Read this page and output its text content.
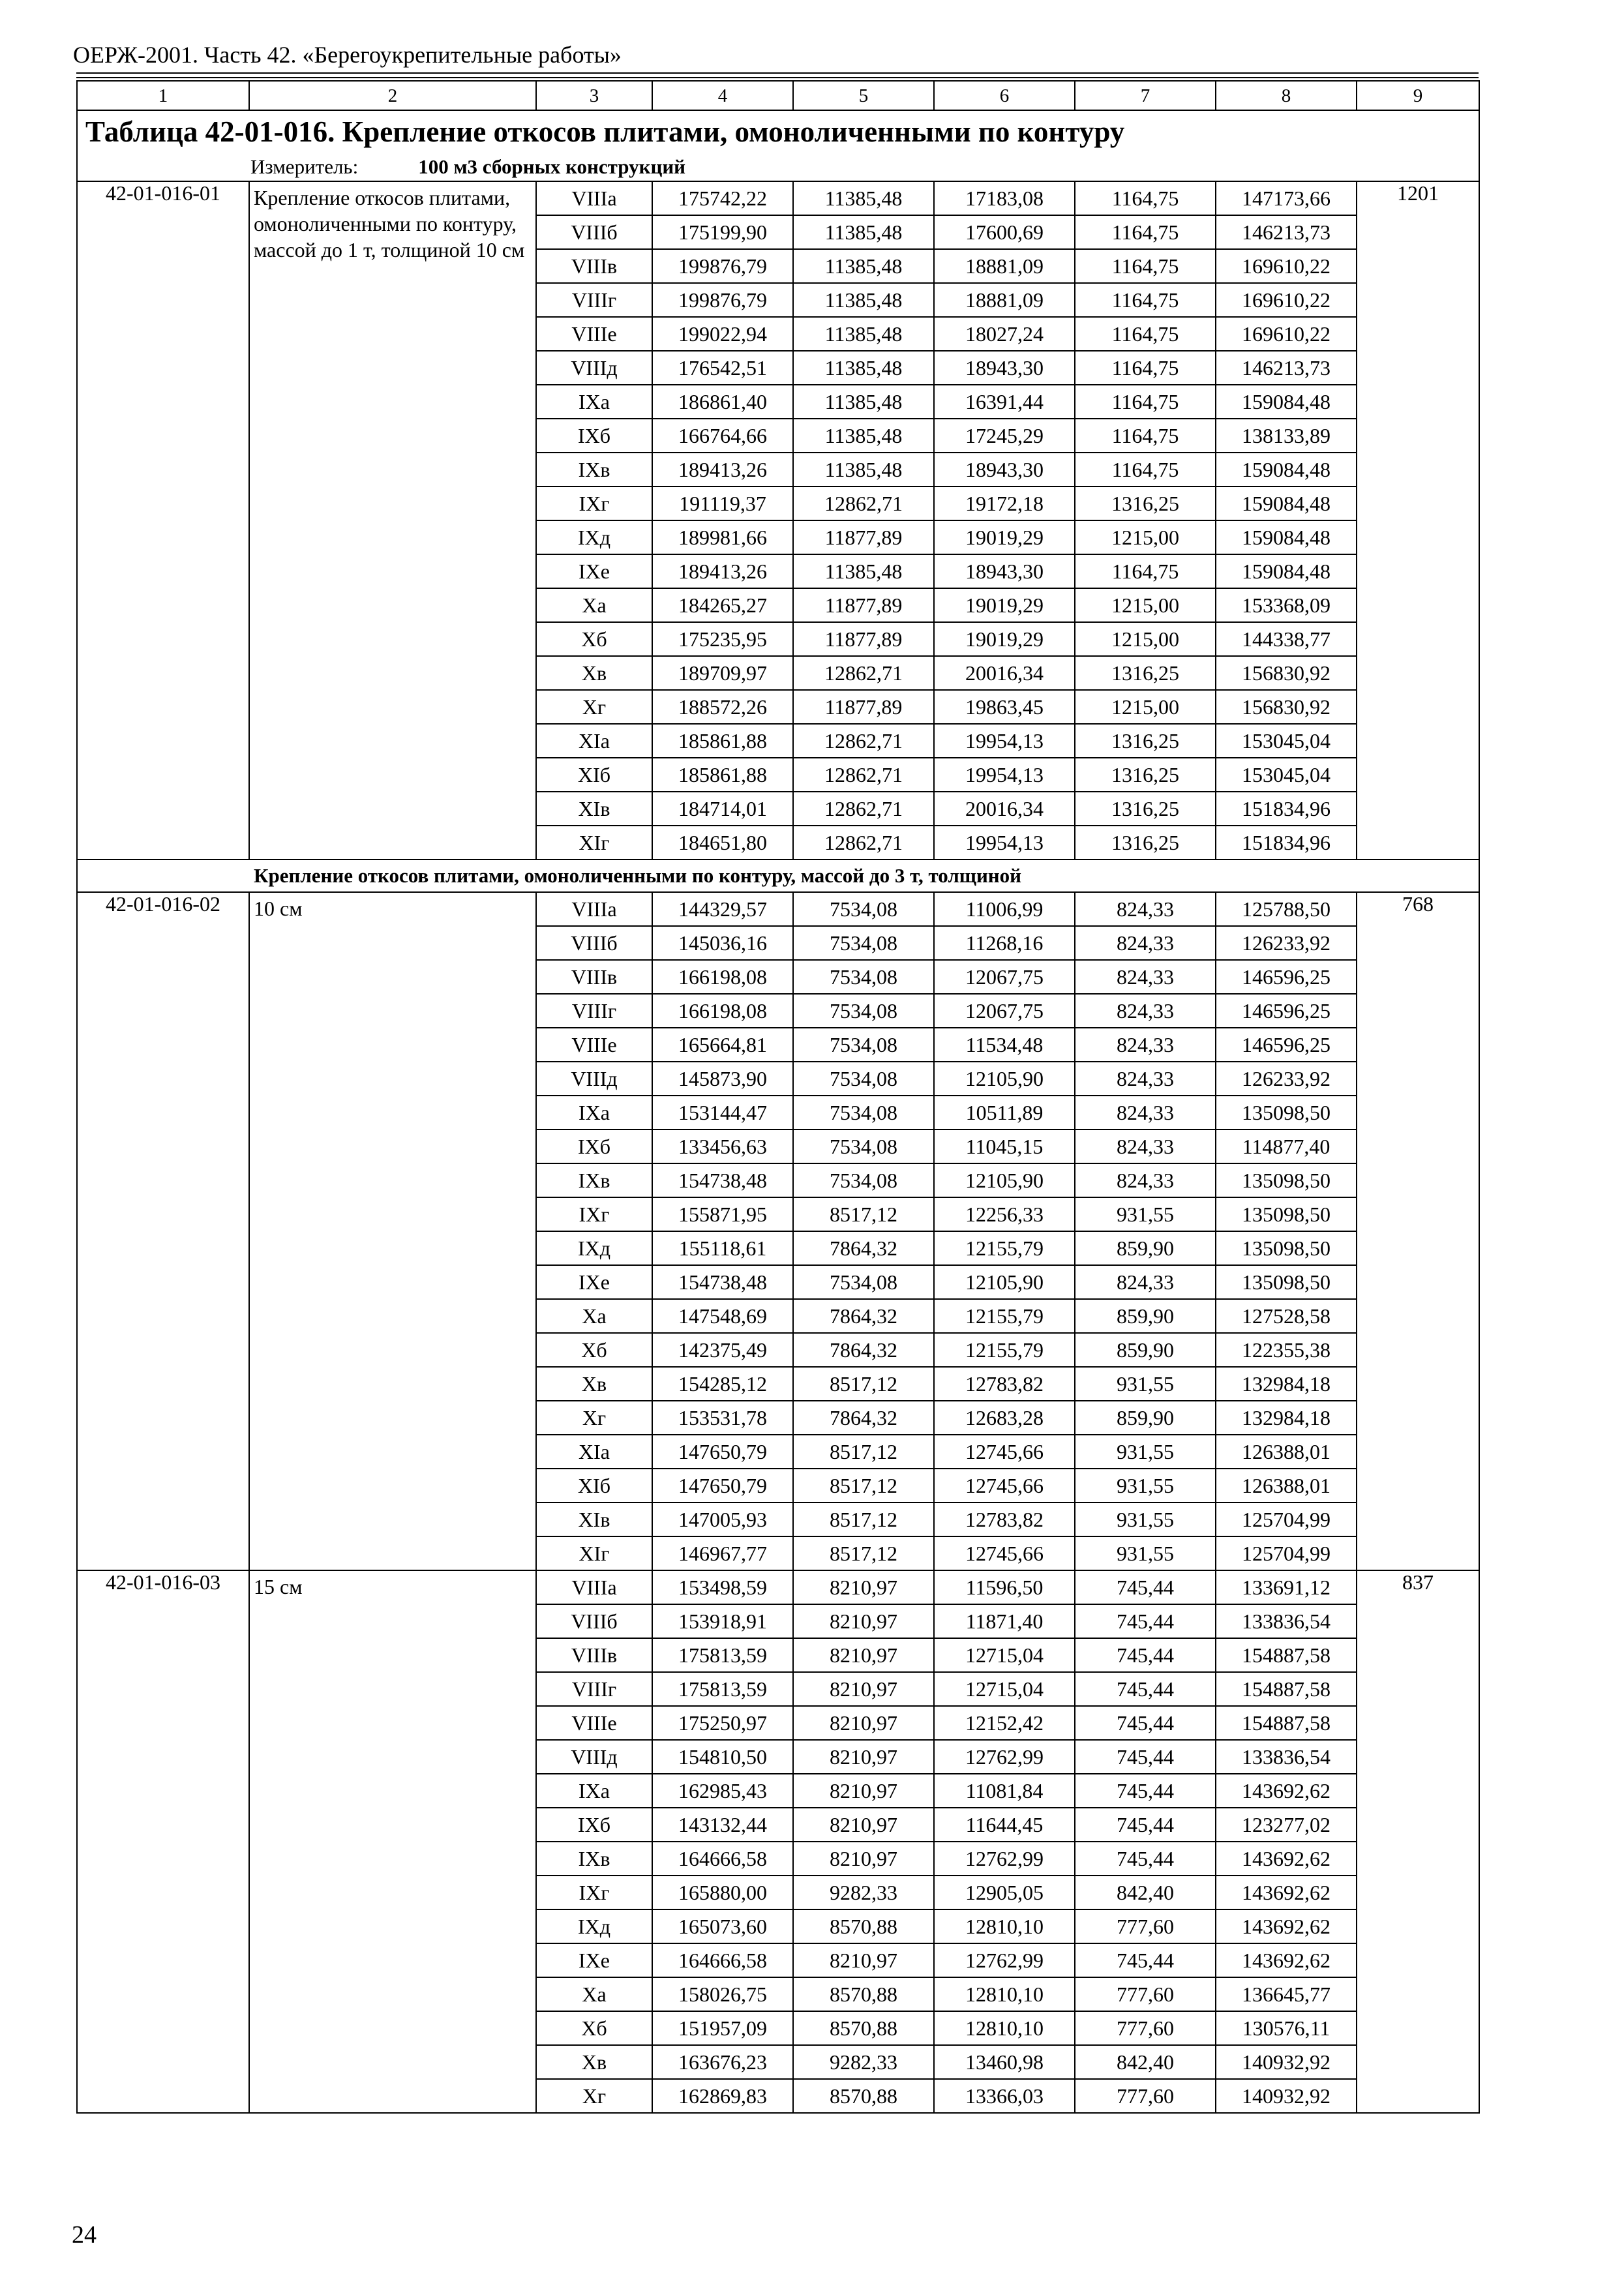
ОЕРЖ-2001. Часть 42. «Берегоукрепительные работы»
1	2	3	4	5	6	7	8	9
Таблица 42-01-016. Крепление откосов плитами, омоноличенными по контуру								
Измеритель: 100 м3 сборных конструкций								
42-01-016-01	Крепление откосов плитами, омоноличенными по контуру, массой до 1 т, толщиной 10 см	VIIIа	175742,22	11385,48	17183,08	1164,75	147173,66	1201
		VIIIб	175199,90	11385,48	17600,69	1164,75	146213,73	
		VIIIв	199876,79	11385,48	18881,09	1164,75	169610,22	
		VIIIг	199876,79	11385,48	18881,09	1164,75	169610,22	
		VIIIе	199022,94	11385,48	18027,24	1164,75	169610,22	
		VIIIд	176542,51	11385,48	18943,30	1164,75	146213,73	
		IXа	186861,40	11385,48	16391,44	1164,75	159084,48	
		IXб	166764,66	11385,48	17245,29	1164,75	138133,89	
		IXв	189413,26	11385,48	18943,30	1164,75	159084,48	
		IXг	191119,37	12862,71	19172,18	1316,25	159084,48	
		IXд	189981,66	11877,89	19019,29	1215,00	159084,48	
		IXе	189413,26	11385,48	18943,30	1164,75	159084,48	
		Xа	184265,27	11877,89	19019,29	1215,00	153368,09	
		Xб	175235,95	11877,89	19019,29	1215,00	144338,77	
		Xв	189709,97	12862,71	20016,34	1316,25	156830,92	
		Xг	188572,26	11877,89	19863,45	1215,00	156830,92	
		XIа	185861,88	12862,71	19954,13	1316,25	153045,04	
		XIб	185861,88	12862,71	19954,13	1316,25	153045,04	
		XIв	184714,01	12862,71	20016,34	1316,25	151834,96	
		XIг	184651,80	12862,71	19954,13	1316,25	151834,96	
Крепление откосов плитами, омоноличенными по контуру, массой до 3 т, толщиной								
42-01-016-02	10 см	VIIIа	144329,57	7534,08	11006,99	824,33	125788,50	768
		VIIIб	145036,16	7534,08	11268,16	824,33	126233,92	
		VIIIв	166198,08	7534,08	12067,75	824,33	146596,25	
		VIIIг	166198,08	7534,08	12067,75	824,33	146596,25	
		VIIIе	165664,81	7534,08	11534,48	824,33	146596,25	
		VIIIд	145873,90	7534,08	12105,90	824,33	126233,92	
		IXа	153144,47	7534,08	10511,89	824,33	135098,50	
		IXб	133456,63	7534,08	11045,15	824,33	114877,40	
		IXв	154738,48	7534,08	12105,90	824,33	135098,50	
		IXг	155871,95	8517,12	12256,33	931,55	135098,50	
		IXд	155118,61	7864,32	12155,79	859,90	135098,50	
		IXе	154738,48	7534,08	12105,90	824,33	135098,50	
		Xа	147548,69	7864,32	12155,79	859,90	127528,58	
		Xб	142375,49	7864,32	12155,79	859,90	122355,38	
		Xв	154285,12	8517,12	12783,82	931,55	132984,18	
		Xг	153531,78	7864,32	12683,28	859,90	132984,18	
		XIа	147650,79	8517,12	12745,66	931,55	126388,01	
		XIб	147650,79	8517,12	12745,66	931,55	126388,01	
		XIв	147005,93	8517,12	12783,82	931,55	125704,99	
		XIг	146967,77	8517,12	12745,66	931,55	125704,99	
42-01-016-03	15 см	VIIIа	153498,59	8210,97	11596,50	745,44	133691,12	837
		VIIIб	153918,91	8210,97	11871,40	745,44	133836,54	
		VIIIв	175813,59	8210,97	12715,04	745,44	154887,58	
		VIIIг	175813,59	8210,97	12715,04	745,44	154887,58	
		VIIIе	175250,97	8210,97	12152,42	745,44	154887,58	
		VIIIд	154810,50	8210,97	12762,99	745,44	133836,54	
		IXа	162985,43	8210,97	11081,84	745,44	143692,62	
		IXб	143132,44	8210,97	11644,45	745,44	123277,02	
		IXв	164666,58	8210,97	12762,99	745,44	143692,62	
		IXг	165880,00	9282,33	12905,05	842,40	143692,62	
		IXд	165073,60	8570,88	12810,10	777,60	143692,62	
		IXе	164666,58	8210,97	12762,99	745,44	143692,62	
		Xа	158026,75	8570,88	12810,10	777,60	136645,77	
		Xб	151957,09	8570,88	12810,10	777,60	130576,11	
		Xв	163676,23	9282,33	13460,98	842,40	140932,92	
		Xг	162869,83	8570,88	13366,03	777,60	140932,92	
24
